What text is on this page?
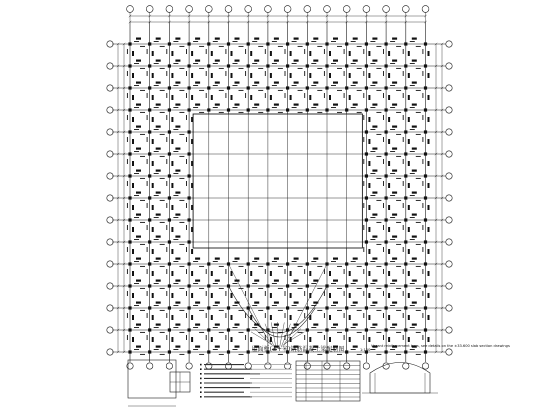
屋面板(±+米)钢筋混凝土梁配筋图	1:100
Vacant reinforcement bars, see details on the ±33.600 slab section drawings
